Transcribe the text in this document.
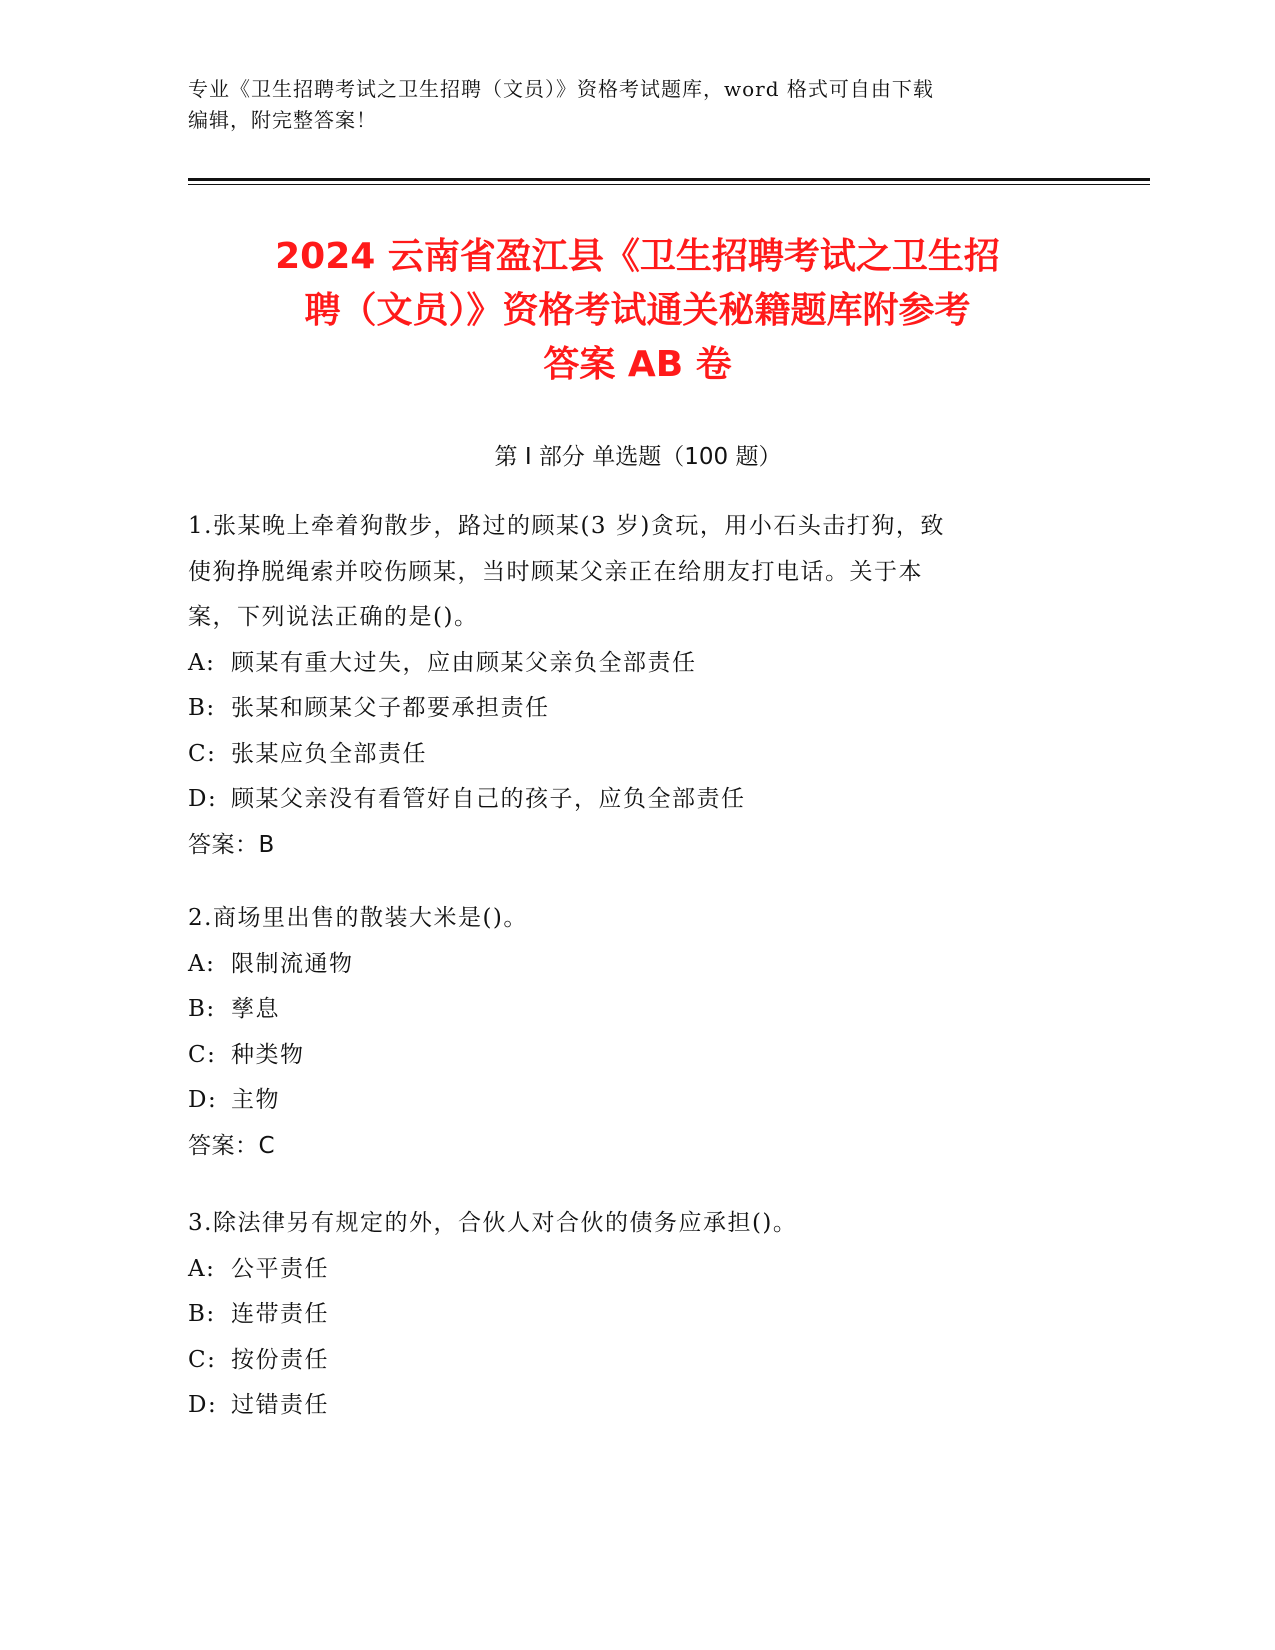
专业《卫生招聘考试之卫生招聘（文员）》资格考试题库，word 格式可自由下载
编辑，附完整答案！
2024 云南省盈江县《卫生招聘考试之卫生招
聘（文员）》资格考试通关秘籍题库附参考
答案 AB 卷
第 I 部分 单选题（100 题）
1.张某晚上牵着狗散步，路过的顾某(3 岁)贪玩，用小石头击打狗，致
使狗挣脱绳索并咬伤顾某，当时顾某父亲正在给朋友打电话。关于本
案，下列说法正确的是()。
A: 顾某有重大过失，应由顾某父亲负全部责任
B: 张某和顾某父子都要承担责任
C: 张某应负全部责任
D: 顾某父亲没有看管好自己的孩子，应负全部责任
答案：B
2.商场里出售的散装大米是()。
A: 限制流通物
B: 孳息
C: 种类物
D: 主物
答案：C
3.除法律另有规定的外，合伙人对合伙的债务应承担()。
A: 公平责任
B: 连带责任
C: 按份责任
D: 过错责任
